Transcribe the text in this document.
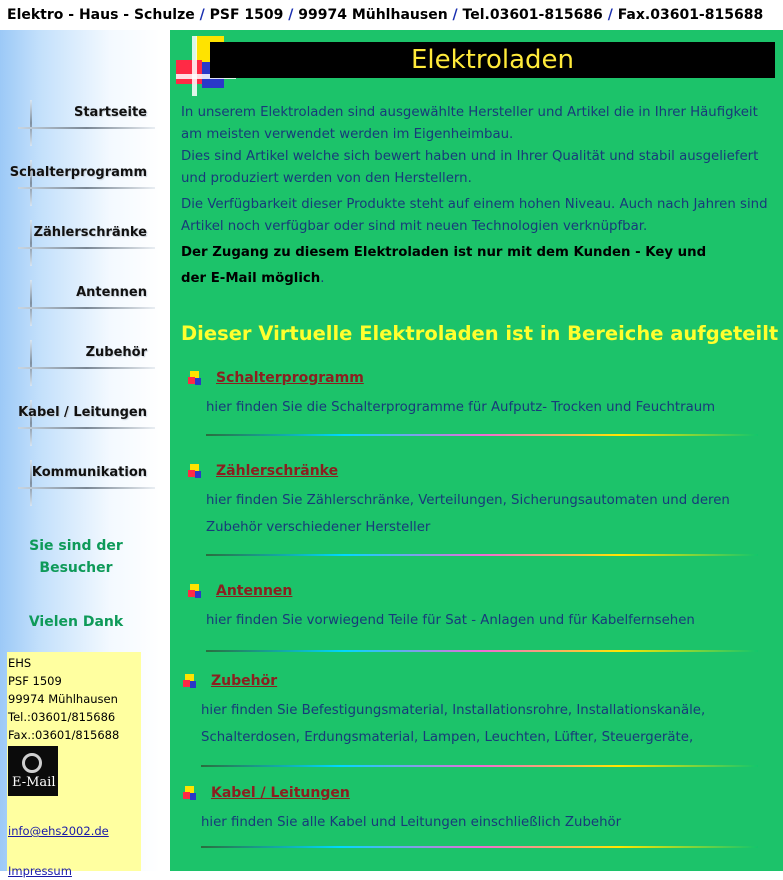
Elektro - Haus - Schulze / PSF 1509 / 99974 Mühlhausen / Tel.03601-815686 / Fax.03601-815688
Startseite
Schalterprogramm
Zählerschränke
Antennen
Zubehör
Kabel / Leitungen
Kommunikation
Sie sind der
Besucher
Vielen Dank
EHS
PSF 1509
99974 Mühlhausen
Tel.:03601/815686
Fax.:03601/815688
E-Mail
info@ehs2002.de
Impressum
Elektroladen

In unserem Elektroladen sind ausgewählte Hersteller und Artikel die in Ihrer Häufigkeit am meisten verwendet werden im Eigenheimbau.

Dies sind Artikel welche sich bewert haben und in Ihrer Qualität und stabil ausgeliefert und produziert werden von den Herstellern.

Die Verfügbarkeit dieser Produkte steht auf einem hohen Niveau. Auch nach Jahren sind Artikel noch verfügbar oder sind mit neuen Technologien verknüpfbar.

Der Zugang zu diesem Elektroladen ist nur mit dem Kunden - Key und

der E-Mail möglich.

Dieser Virtuelle Elektroladen ist in Bereiche aufgeteilt
Schalterprogramm
hier finden Sie die Schalterprogramme für Aufputz- Trocken und Feuchtraum
Zählerschränke
hier finden Sie Zählerschränke, Verteilungen, Sicherungsautomaten und deren Zubehör verschiedener Hersteller
Antennen
hier finden Sie vorwiegend Teile für Sat - Anlagen und für Kabelfernsehen
Zubehör
hier finden Sie Befestigungsmaterial, Installationsrohre, Installationskanäle, Schalterdosen, Erdungsmaterial, Lampen, Leuchten, Lüfter, Steuergeräte,
Kabel / Leitungen
hier finden Sie alle Kabel und Leitungen einschließlich Zubehör
